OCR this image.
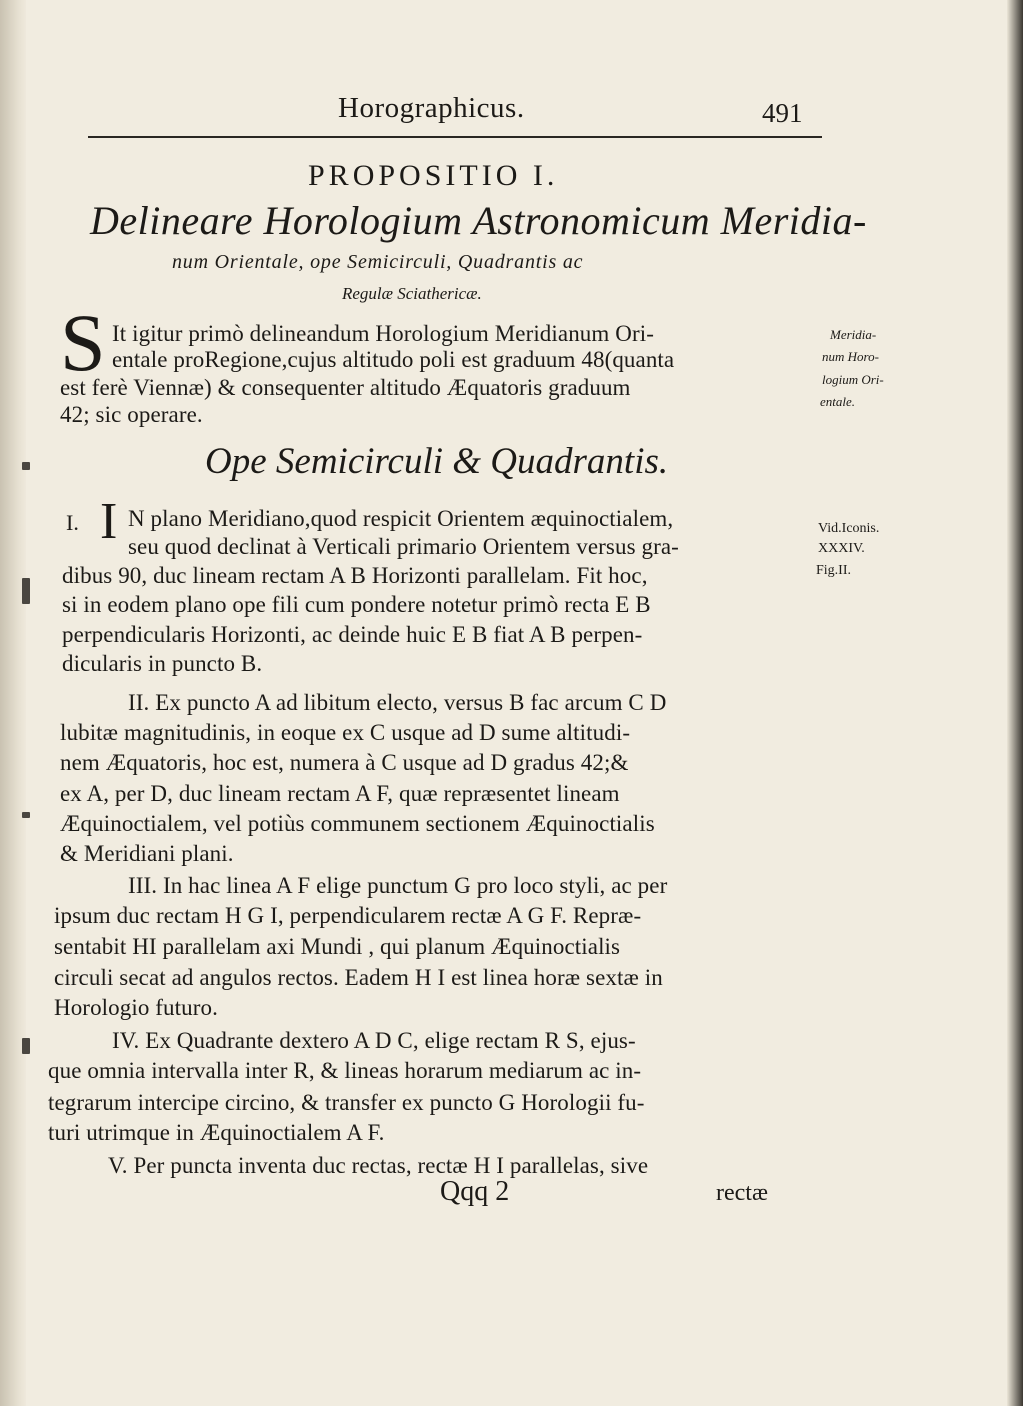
Horographicus.	491
PROPOSITIO I.
Delineare Horologium Astronomicum Meridia-
num Orientale, ope Semicirculi, Quadrantis ac
Regulæ Sciathericæ.
S It igitur primò delineandum Horologium Meridianum Ori-
entale proRegione,cujus altitudo poli est graduum 48(quanta
est ferè Viennæ) & consequenter altitudo Æquatoris graduum
42; sic operare.
Meridia-
num Horo-
logium Ori-
entale.
Ope Semicirculi & Quadrantis.
I. I N plano Meridiano,quod respicit Orientem æquinoctialem,
seu quod declinat à Verticali primario Orientem versus gra-
dibus 90, duc lineam rectam A B Horizonti parallelam. Fit hoc,
si in eodem plano ope fili cum pondere notetur primò recta E B
perpendicularis Horizonti, ac deinde huic E B fiat A B perpen-
dicularis in puncto B.
Vid.Iconis.
XXXIV.
Fig.II.
II. Ex puncto A ad libitum electo, versus B fac arcum C D
lubitæ magnitudinis, in eoque ex C usque ad D sume altitudi-
nem Æquatoris, hoc est, numera à C usque ad D gradus 42;&
ex A, per D, duc lineam rectam A F, quæ repræsentet lineam
Æquinoctialem, vel potiùs communem sectionem Æquinoctialis
& Meridiani plani.
III. In hac linea A F elige punctum G pro loco styli, ac per
ipsum duc rectam H G I, perpendicularem rectæ A G F. Repræ-
sentabit HI parallelam axi Mundi , qui planum Æquinoctialis
circuli secat ad angulos rectos. Eadem H I est linea horæ sextæ in
Horologio futuro.
IV. Ex Quadrante dextero A D C, elige rectam R S, ejus-
que omnia intervalla inter R, & lineas horarum mediarum ac in-
tegrarum intercipe circino, & transfer ex puncto G Horologii fu-
turi utrimque in Æquinoctialem A F.
V. Per puncta inventa duc rectas, rectæ H I parallelas, sive
Qqq 2	rectæ
